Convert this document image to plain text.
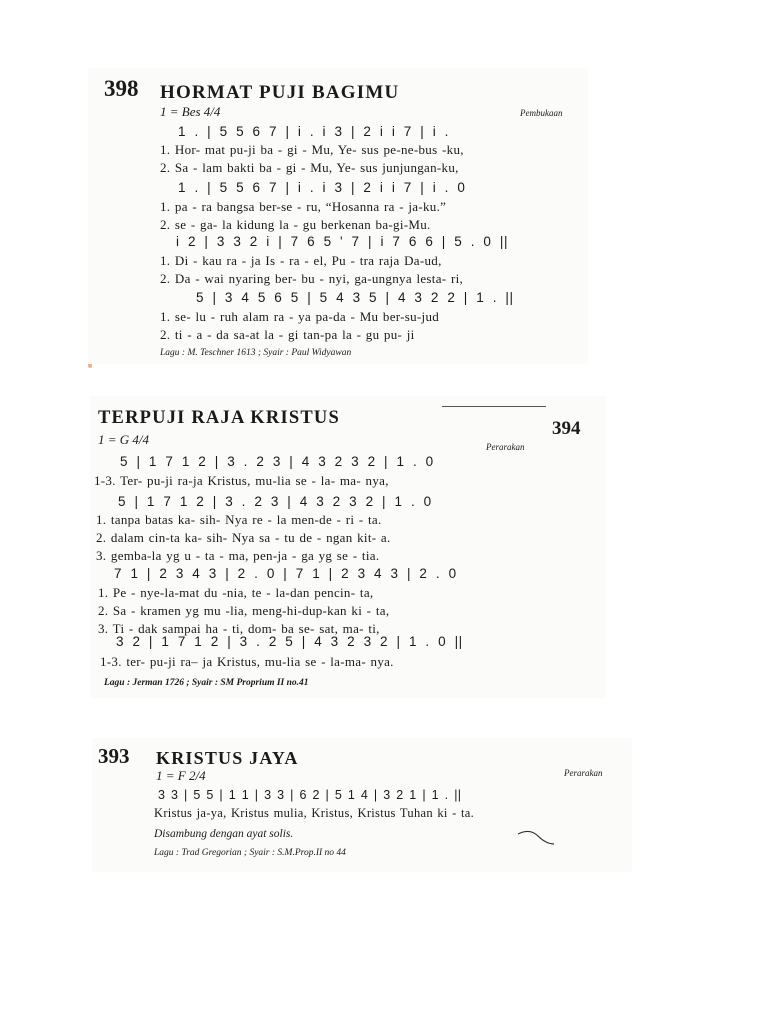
398 HORMAT PUJI BAGIMU
1 = Bes 4/4	Pembukaan
1 . | 5 5 6 7 | i . i 3 | 2 i i 7 | i .
1. Hor- mat pu-ji ba - gi - Mu, Ye- sus pe-ne-bus -ku,
2. Sa - lam bakti ba - gi - Mu, Ye- sus junjungan-ku,
1 . | 5 5 6 7 | i . i 3 | 2 i i 7 | i . 0
1. pa - ra bangsa ber-se - ru, “Hosanna ra - ja-ku.”
2. se - ga- la kidung la - gu berkenan ba-gi-Mu.
i 2 | 3 3 2 i | 7 6 5 ' 7 | i 7 6 6 | 5 . 0 ||
1. Di - kau ra - ja Is - ra - el, Pu - tra raja Da-ud,
2. Da - wai nyaring ber- bu - nyi, ga-ungnya lesta- ri,
5 | 3 4 5 6 5 | 5 4 3 5 | 4 3 2 2 | 1 . ||
1. se- lu - ruh alam ra - ya pa-da - Mu ber-su-jud
2. ti - a - da sa-at la - gi tan-pa la - gu pu- ji
Lagu : M. Teschner 1613 ; Syair : Paul Widyawan
TERPUJI RAJA KRISTUS	394
1 = G 4/4	Perarakan
5 | 1 7 1 2 | 3 . 2 3 | 4 3 2 3 2 | 1 . 0
1-3. Ter- pu-ji ra-ja Kristus, mu-lia se - la- ma- nya,
5 | 1 7 1 2 | 3 . 2 3 | 4 3 2 3 2 | 1 . 0
1. tanpa batas ka- sih- Nya re - la men-de - ri - ta.
2. dalam cin-ta ka- sih- Nya sa - tu de - ngan kit- a.
3. gemba-la yg u - ta - ma, pen-ja - ga yg se - tia.
7 1 | 2 3 4 3 | 2 . 0 | 7 1 | 2 3 4 3 | 2 . 0
1. Pe - nye-la-mat du -nia, te - la-dan pencin- ta,
2. Sa - kramen yg mu -lia, meng-hi-dup-kan ki - ta,
3. Ti - dak sampai ha - ti, dom- ba se- sat, ma- ti,
3 2 | 1 7 1 2 | 3 . 2 5 | 4 3 2 3 2 | 1 . 0 ||
1-3. ter- pu-ji ra– ja Kristus, mu-lia se - la-ma- nya.
Lagu : Jerman 1726 ; Syair : SM Proprium II no.41
393 KRISTUS JAYA
1 = F 2/4	Perarakan
3 3 | 5 5 | 1 1 | 3 3 | 6 2 | 5 1 4 | 3 2 1 | 1 . ||
Kristus ja-ya, Kristus mulia, Kristus, Kristus Tuhan ki - ta.
Disambung dengan ayat solis.
Lagu : Trad Gregorian ; Syair : S.M.Prop.II no 44
